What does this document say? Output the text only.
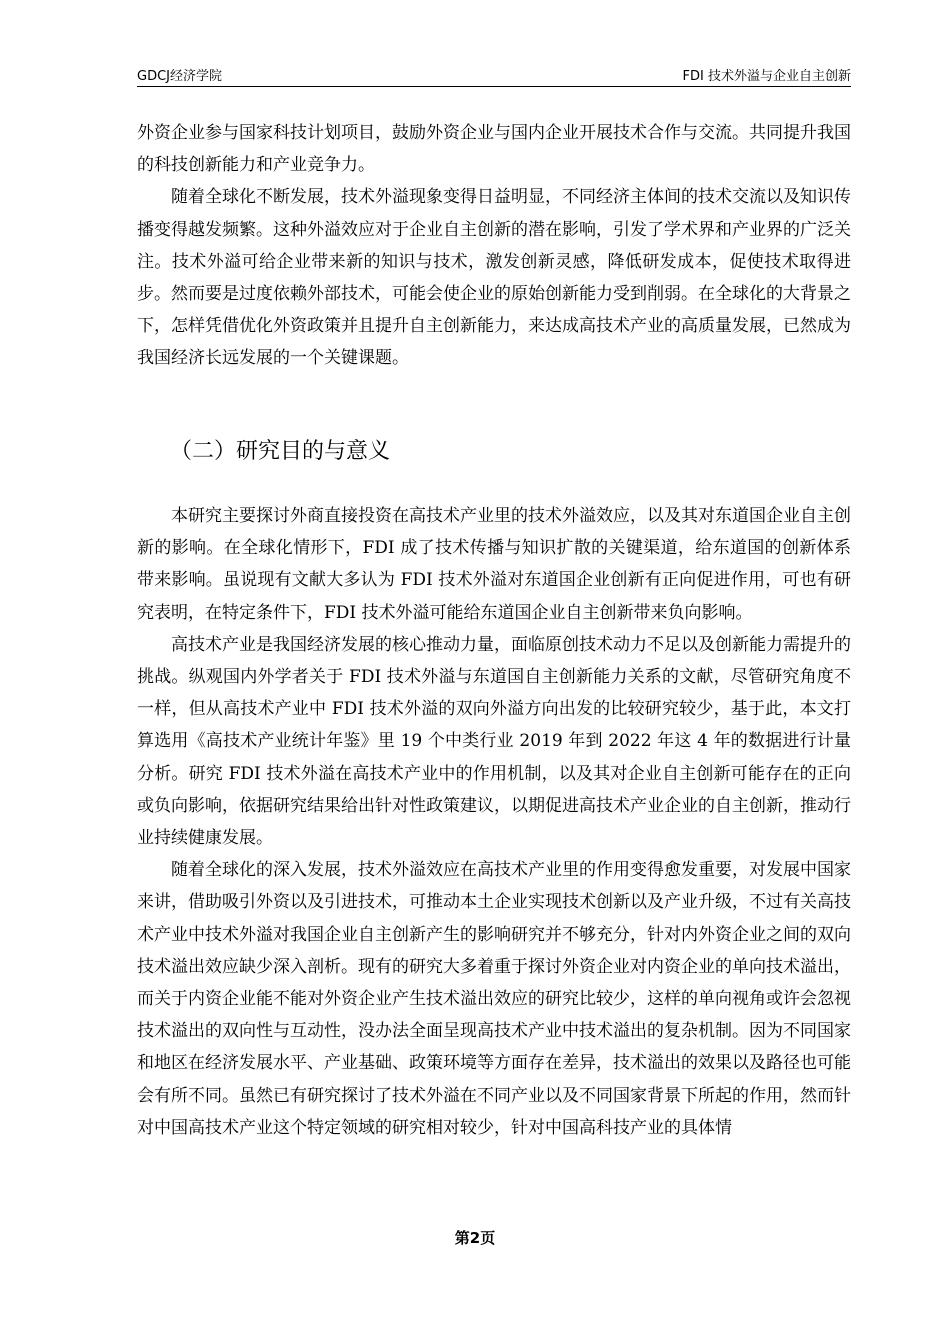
GDCJ经济学院	FDI 技术外溢与企业自主创新

外资企业参与国家科技计划项目，鼓励外资企业与国内企业开展技术合作与交流。共同提升我国的科技创新能力和产业竞争力。

随着全球化不断发展，技术外溢现象变得日益明显，不同经济主体间的技术交流以及知识传播变得越发频繁。这种外溢效应对于企业自主创新的潜在影响，引发了学术界和产业界的广泛关注。技术外溢可给企业带来新的知识与技术，激发创新灵感，降低研发成本，促使技术取得进步。然而要是过度依赖外部技术，可能会使企业的原始创新能力受到削弱。在全球化的大背景之下，怎样凭借优化外资政策并且提升自主创新能力，来达成高技术产业的高质量发展，已然成为我国经济长远发展的一个关键课题。

（二）研究目的与意义

本研究主要探讨外商直接投资在高技术产业里的技术外溢效应，以及其对东道国企业自主创新的影响。在全球化情形下，FDI 成了技术传播与知识扩散的关键渠道，给东道国的创新体系带来影响。虽说现有文献大多认为 FDI 技术外溢对东道国企业创新有正向促进作用，可也有研究表明，在特定条件下，FDI 技术外溢可能给东道国企业自主创新带来负向影响。

高技术产业是我国经济发展的核心推动力量，面临原创技术动力不足以及创新能力需提升的挑战。纵观国内外学者关于 FDI 技术外溢与东道国自主创新能力关系的文献，尽管研究角度不一样，但从高技术产业中 FDI 技术外溢的双向外溢方向出发的比较研究较少，基于此，本文打算选用《高技术产业统计年鉴》里 19 个中类行业 2019 年到 2022 年这 4 年的数据进行计量分析。研究 FDI 技术外溢在高技术产业中的作用机制，以及其对企业自主创新可能存在的正向或负向影响，依据研究结果给出针对性政策建议，以期促进高技术产业企业的自主创新，推动行业持续健康发展。

随着全球化的深入发展，技术外溢效应在高技术产业里的作用变得愈发重要，对发展中国家来讲，借助吸引外资以及引进技术，可推动本土企业实现技术创新以及产业升级，不过有关高技术产业中技术外溢对我国企业自主创新产生的影响研究并不够充分，针对内外资企业之间的双向技术溢出效应缺少深入剖析。现有的研究大多着重于探讨外资企业对内资企业的单向技术溢出，而关于内资企业能不能对外资企业产生技术溢出效应的研究比较少，这样的单向视角或许会忽视技术溢出的双向性与互动性，没办法全面呈现高技术产业中技术溢出的复杂机制。因为不同国家和地区在经济发展水平、产业基础、政策环境等方面存在差异，技术溢出的效果以及路径也可能会有所不同。虽然已有研究探讨了技术外溢在不同产业以及不同国家背景下所起的作用，然而针对中国高技术产业这个特定领域的研究相对较少，针对中国高科技产业的具体情

第2页
